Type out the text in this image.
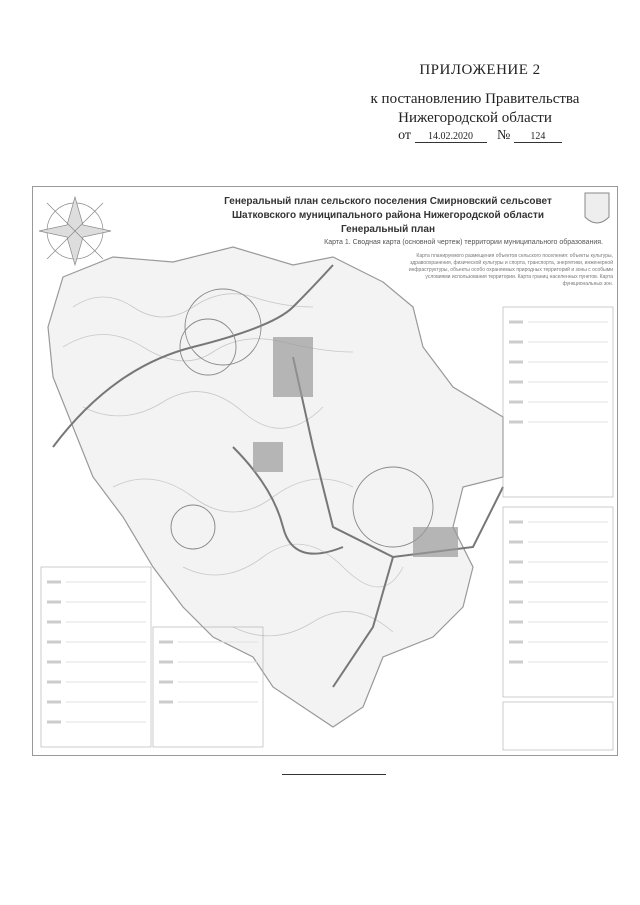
ПРИЛОЖЕНИЕ 2
к постановлению Правительства
Нижегородской области
от 14.02.2020 № 124
Генеральный план сельского поселения Смирновский сельсовет
Шатковского муниципального района Нижегородской области
Генеральный план
Карта 1. Сводная карта (основной чертеж) территории муниципального образования.
Карта планируемого размещения объектов сельского поселения: объекты культуры, здравоохранения, физической культуры и спорта, транспорта, энергетики, инженерной инфраструктуры, объекты особо охраняемых природных территорий и зоны с особыми условиями использования территории. Карта границ населенных пунктов. Карта функциональных зон.
